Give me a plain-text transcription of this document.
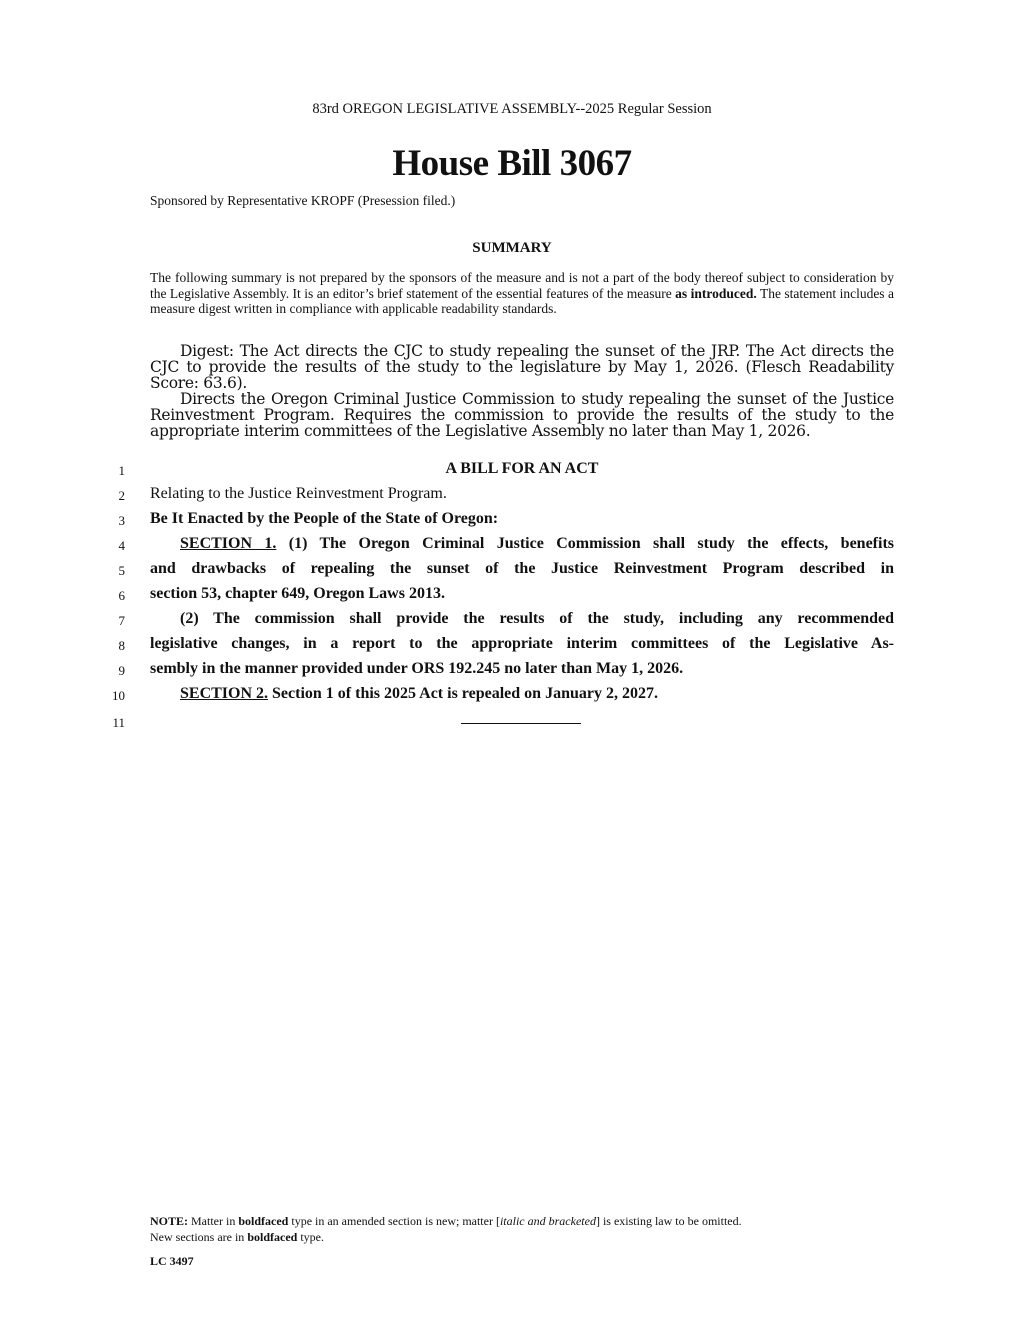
83rd OREGON LEGISLATIVE ASSEMBLY--2025 Regular Session
House Bill 3067
Sponsored by Representative KROPF (Presession filed.)
SUMMARY
The following summary is not prepared by the sponsors of the measure and is not a part of the body thereof subject to consideration by the Legislative Assembly. It is an editor’s brief statement of the essential features of the measure as introduced. The statement includes a measure digest written in compliance with applicable readability standards.

Digest: The Act directs the CJC to study repealing the sunset of the JRP. The Act directs the CJC to provide the results of the study to the legislature by May 1, 2026. (Flesch Readability Score: 63.6).

Directs the Oregon Criminal Justice Commission to study repealing the sunset of the Justice Reinvestment Program. Requires the commission to provide the results of the study to the appropriate interim committees of the Legislative Assembly no later than May 1, 2026.

1
2
3
4
5
6
7
8
9
10
11
A BILL FOR AN ACT
Relating to the Justice Reinvestment Program.
Be It Enacted by the People of the State of Oregon:
SECTION 1. (1) The Oregon Criminal Justice Commission shall study the effects, benefits
and drawbacks of repealing the sunset of the Justice Reinvestment Program described in
section 53, chapter 649, Oregon Laws 2013.
(2) The commission shall provide the results of the study, including any recommended
legislative changes, in a report to the appropriate interim committees of the Legislative As-
sembly in the manner provided under ORS 192.245 no later than May 1, 2026.
SECTION 2. Section 1 of this 2025 Act is repealed on January 2, 2027.
NOTE: Matter in boldfaced type in an amended section is new; matter [italic and bracketed] is existing law to be omitted.
New sections are in boldfaced type.
LC 3497
